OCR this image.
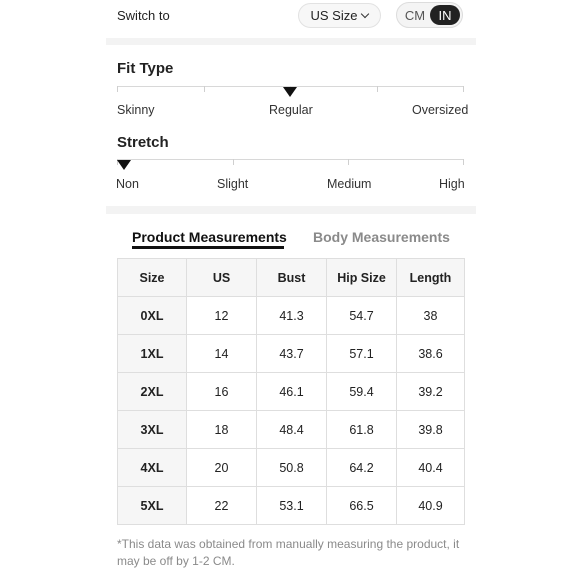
Switch to	US Size	CM	IN
Fit Type
Skinny	Regular	Oversized
Stretch
Non	Slight	Medium	High
Product Measurements Body Measurements
Size	US	Bust	Hip Size	Length
0XL	12	41.3	54.7	38
1XL	14	43.7	57.1	38.6
2XL	16	46.1	59.4	39.2
3XL	18	48.4	61.8	39.8
4XL	20	50.8	64.2	40.4
5XL	22	53.1	66.5	40.9
*This data was obtained from manually measuring the product, it may be off by 1-2 CM.
